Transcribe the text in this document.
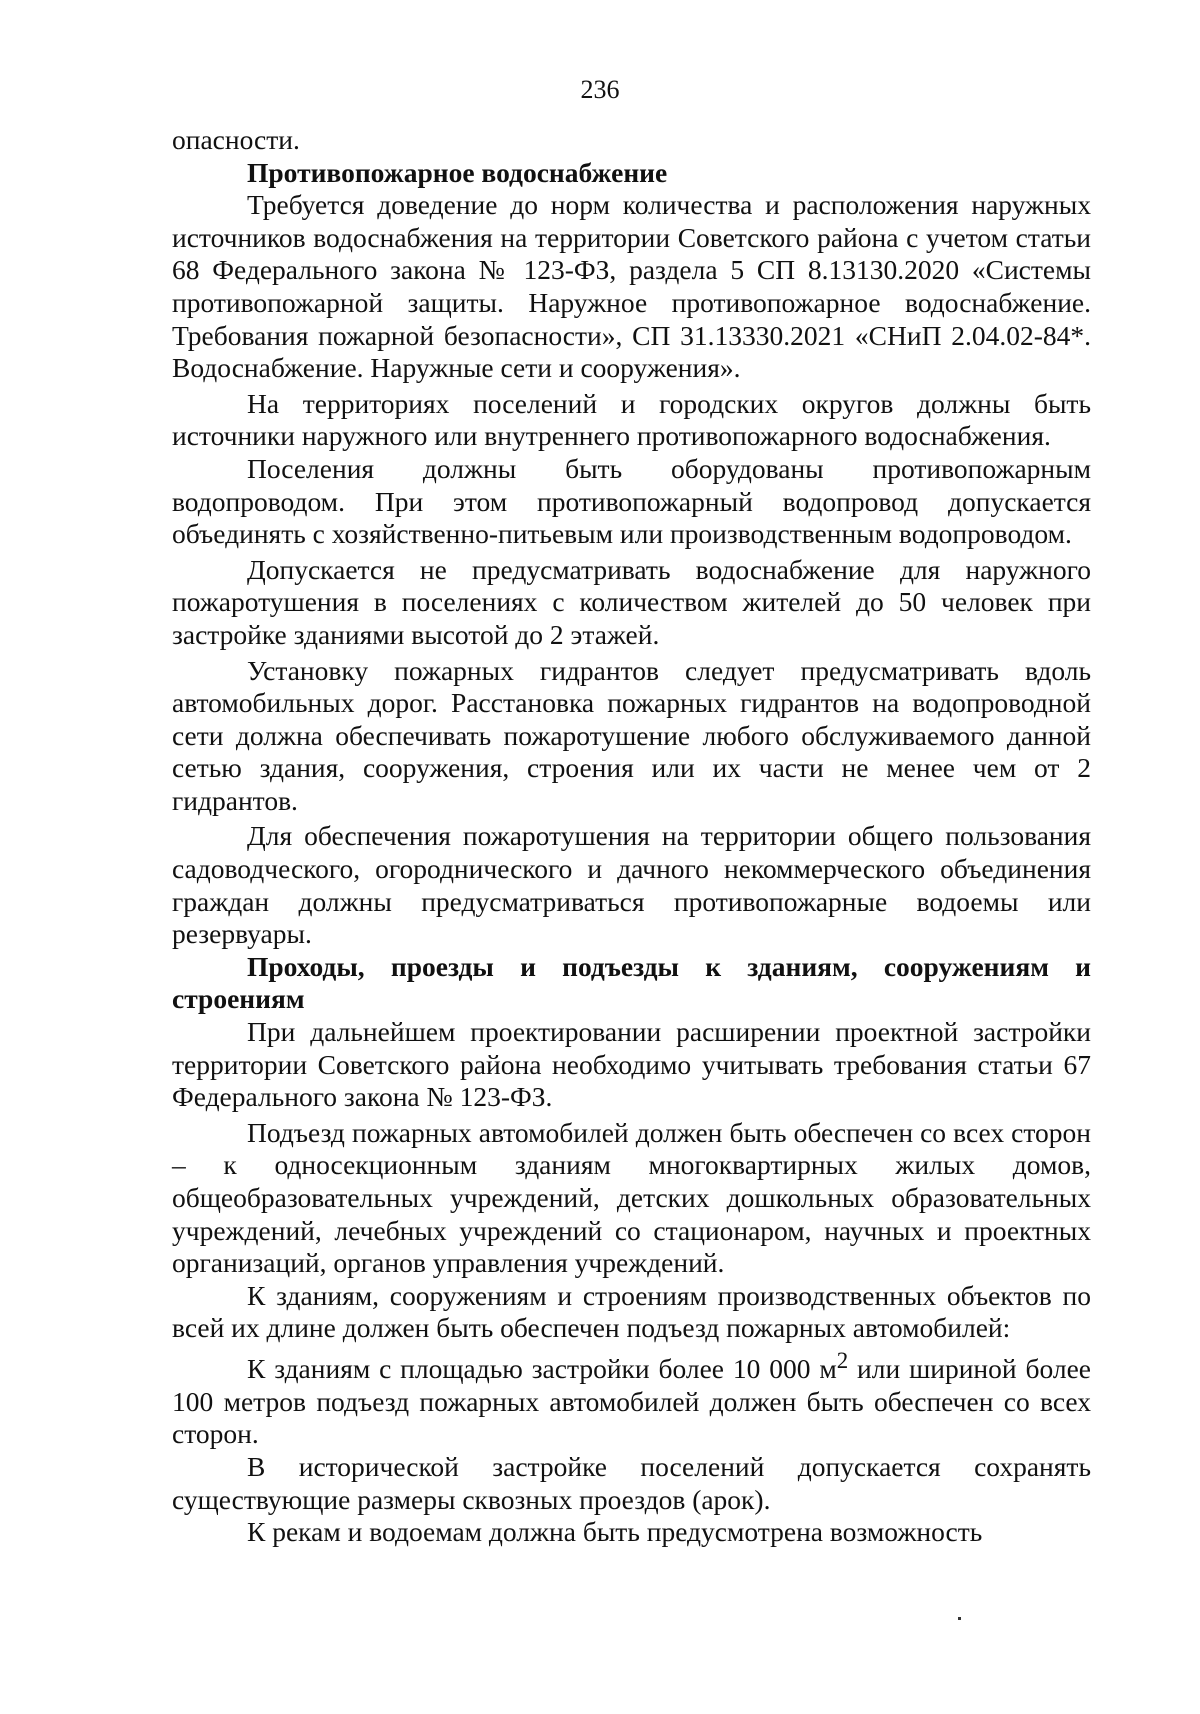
236

опасности.

Противопожарное водоснабжение

Требуется доведение до норм количества и расположения наружных источников водоснабжения на территории Советского района с учетом статьи 68 Федерального закона № 123-ФЗ, раздела 5 СП 8.13130.2020 «Системы противопожарной защиты. Наружное противопожарное водоснабжение. Требования пожарной безопасности», СП 31.13330.2021 «СНиП 2.04.02-84*. Водоснабжение. Наружные сети и сооружения».

На территориях поселений и городских округов должны быть источники наружного или внутреннего противопожарного водоснабжения.

Поселения должны быть оборудованы противопожарным водопроводом. При этом противопожарный водопровод допускается объединять с хозяйственно-питьевым или производственным водопроводом.

Допускается не предусматривать водоснабжение для наружного пожаротушения в поселениях с количеством жителей до 50 человек при застройке зданиями высотой до 2 этажей.

Установку пожарных гидрантов следует предусматривать вдоль автомобильных дорог. Расстановка пожарных гидрантов на водопроводной сети должна обеспечивать пожаротушение любого обслуживаемого данной сетью здания, сооружения, строения или их части не менее чем от 2 гидрантов.

Для обеспечения пожаротушения на территории общего пользования садоводческого, огороднического и дачного некоммерческого объединения граждан должны предусматриваться противопожарные водоемы или резервуары.

Проходы, проезды и подъезды к зданиям, сооружениям и строениям

При дальнейшем проектировании расширении проектной застройки территории Советского района необходимо учитывать требования статьи 67 Федерального закона № 123-ФЗ.

Подъезд пожарных автомобилей должен быть обеспечен со всех сторон – к односекционным зданиям многоквартирных жилых домов, общеобразовательных учреждений, детских дошкольных образовательных учреждений, лечебных учреждений со стационаром, научных и проектных организаций, органов управления учреждений.

К зданиям, сооружениям и строениям производственных объектов по всей их длине должен быть обеспечен подъезд пожарных автомобилей:

К зданиям с площадью застройки более 10 000 $м^2$ или шириной более 100 метров подъезд пожарных автомобилей должен быть обеспечен со всех сторон.

В исторической застройке поселений допускается сохранять существующие размеры сквозных проездов (арок).

К рекам и водоемам должна быть предусмотрена возможность
